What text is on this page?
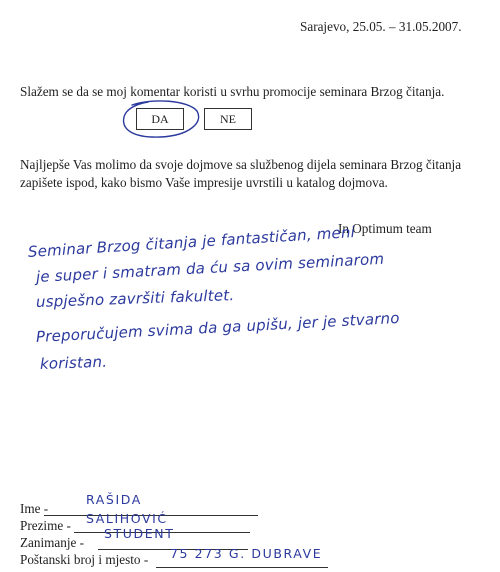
Sarajevo, 25.05. – 31.05.2007.
Slažem se da se moj komentar koristi u svrhu promocije seminara Brzog čitanja.
DA	NE
Najljepše Vas molimo da svoje dojmove sa službenog dijela seminara Brzog čitanja zapišete ispod, kako bismo Vaše impresije uvrstili u katalog dojmova.
In Optimum team
Seminar Brzog čitanja je fantastičan, meni
je super i smatram da ću sa ovim seminarom
uspješno završiti fakultet.
Preporučujem svima da ga upišu, jer je stvarno
koristan.
Ime -
Prezime -
Zanimanje -
Poštanski broj i mjesto -
RAŠIDA
SALIHOVIĆ
STUDENT
75 273 G. DUBRAVE
